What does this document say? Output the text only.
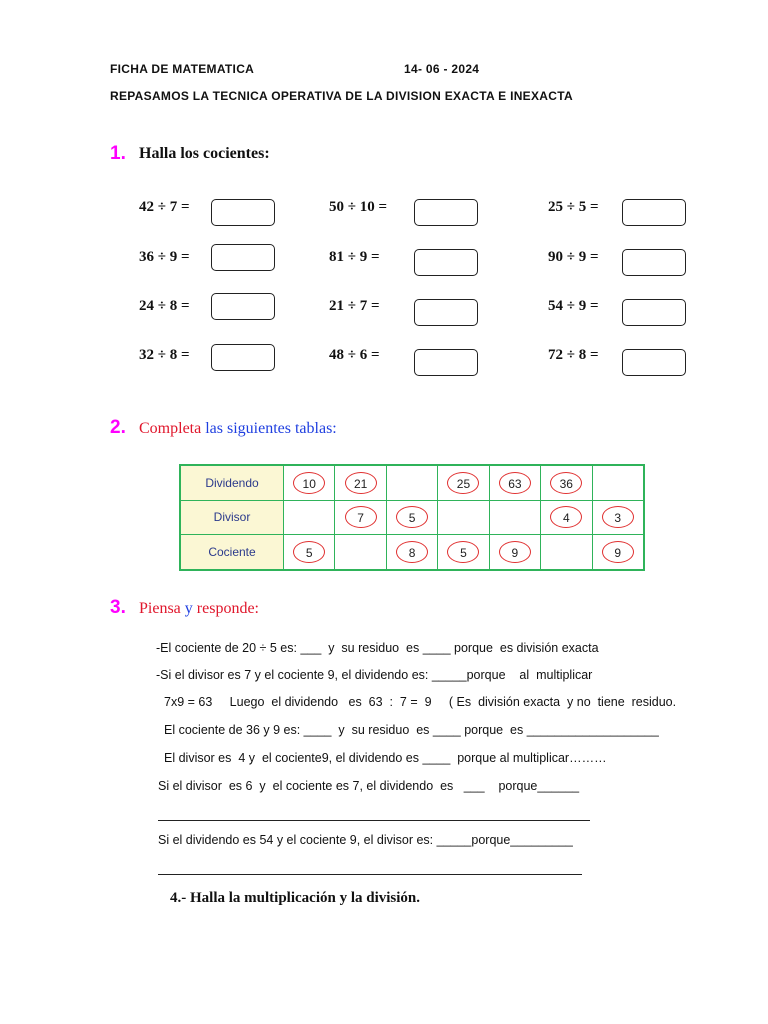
FICHA DE MATEMATICA	14- 06 - 2024
REPASAMOS LA TECNICA OPERATIVA DE LA DIVISION EXACTA E INEXACTA
1. Halla los cocientes:
42 ÷ 7 =	50 ÷ 10 =	25 ÷ 5 =
36 ÷ 9 =	81 ÷ 9 =	90 ÷ 9 =
24 ÷ 8 =	21 ÷ 7 =	54 ÷ 9 =
32 ÷ 8 =	48 ÷ 6 =	72 ÷ 8 =
2. Completa las siguientes tablas:
Dividendo	10	21		25	63	36	
Divisor		7	5			4	3
Cociente	5		8	5	9		9
3. Piensa y responde:
-El cociente de 20 ÷ 5 es: ___  y  su residuo  es ____ porque  es división exacta
-Si el divisor es 7 y el cociente 9, el dividendo es: _____porque    al  multiplicar
7x9 = 63     Luego  el dividendo   es  63  :  7 =  9     ( Es  división exacta  y no  tiene  residuo.
El cociente de 36 y 9 es: ____  y  su residuo  es ____ porque  es ___________________
El divisor es  4 y  el cociente9, el dividendo es ____  porque al multiplicar………
Si el divisor  es 6  y  el cociente es 7, el dividendo  es   ___    porque______
Si el dividendo es 54 y el cociente 9, el divisor es: _____porque_________
4.- Halla la multiplicación y la división.
